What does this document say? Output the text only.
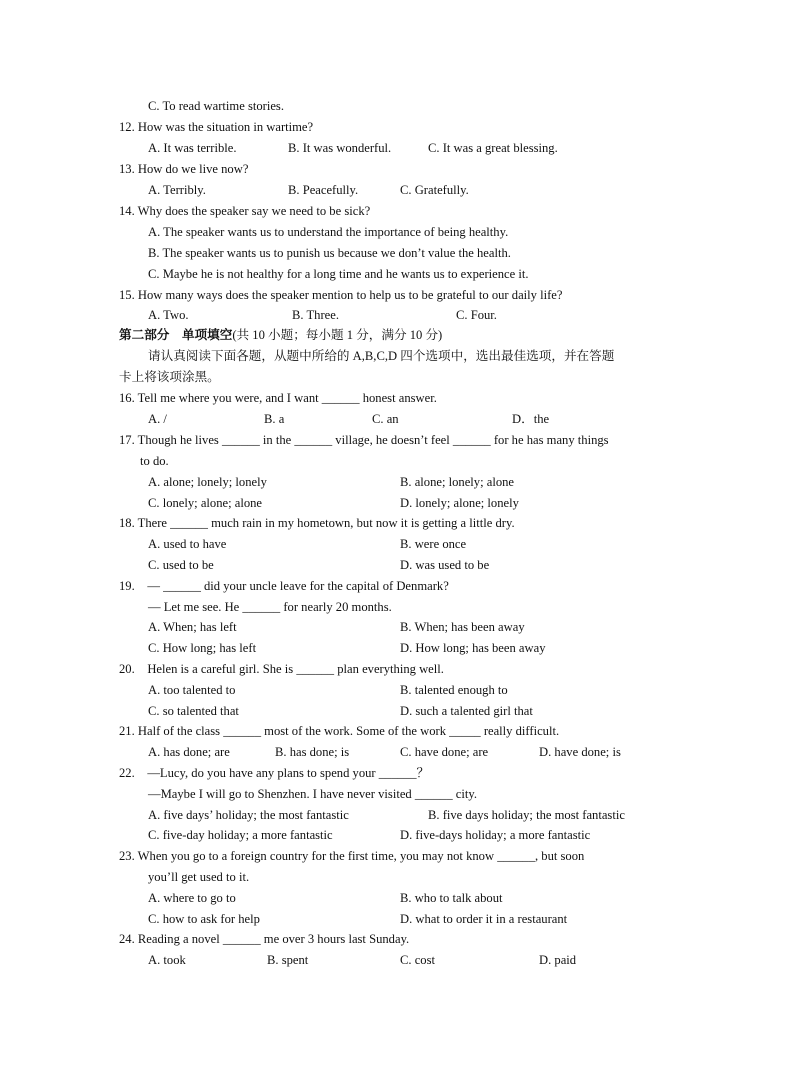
C. To read wartime stories.
12. How was the situation in wartime?
A. It was terrible.	B. It was wonderful.	C. It was a great blessing.
13. How do we live now?
A. Terribly.	B. Peacefully.	C. Gratefully.
14. Why does the speaker say we need to be sick?
A. The speaker wants us to understand the importance of being healthy.
B. The speaker wants us to punish us because we don’t value the health.
C. Maybe he is not healthy for a long time and he wants us to experience it.
15. How many ways does the speaker mention to help us to be grateful to our daily life?
A. Two.	B. Three.	C. Four.
第二部分　单项填空(共 10 小题；每小题 1 分，满分 10 分)
请认真阅读下面各题，从题中所给的 A,B,C,D 四个选项中，选出最佳选项，并在答题
卡上将该项涂黑。
16. Tell me where you were, and I want ______ honest answer.
A. /	B. a	C. an	D．the
17. Though he lives ______ in the ______ village, he doesn’t feel ______ for he has many things
to do.
A. alone; lonely; lonely	B. alone; lonely; alone
C. lonely; alone; alone	D. lonely; alone; lonely
18. There ______ much rain in my hometown, but now it is getting a little dry.
A. used to have	B. were once
C. used to be	D. was used to be
19.　— ______ did your uncle leave for the capital of Denmark?
— Let me see. He ______ for nearly 20 months.
A. When; has left	B. When; has been away
C. How long; has left	D. How long; has been away
20.　Helen is a careful girl. She is ______ plan everything well.
A. too talented to	B. talented enough to
C. so talented that	D. such a talented girl that
21. Half of the class ______ most of the work. Some of the work _____ really difficult.
A. has done; are	B. has done; is	C. have done; are	D. have done; is
22.　—Lucy, do you have any plans to spend your ______？
—Maybe I will go to Shenzhen. I have never visited ______ city.
A. five days’ holiday; the most fantastic	B. five days holiday; the most fantastic
C. five-day holiday; a more fantastic	D. five-days holiday; a more fantastic
23. When you go to a foreign country for the first time, you may not know ______, but soon
you’ll get used to it.
A. where to go to	B. who to talk about
C. how to ask for help	D. what to order it in a restaurant
24. Reading a novel ______ me over 3 hours last Sunday.
A. took	B. spent	C. cost	D. paid
